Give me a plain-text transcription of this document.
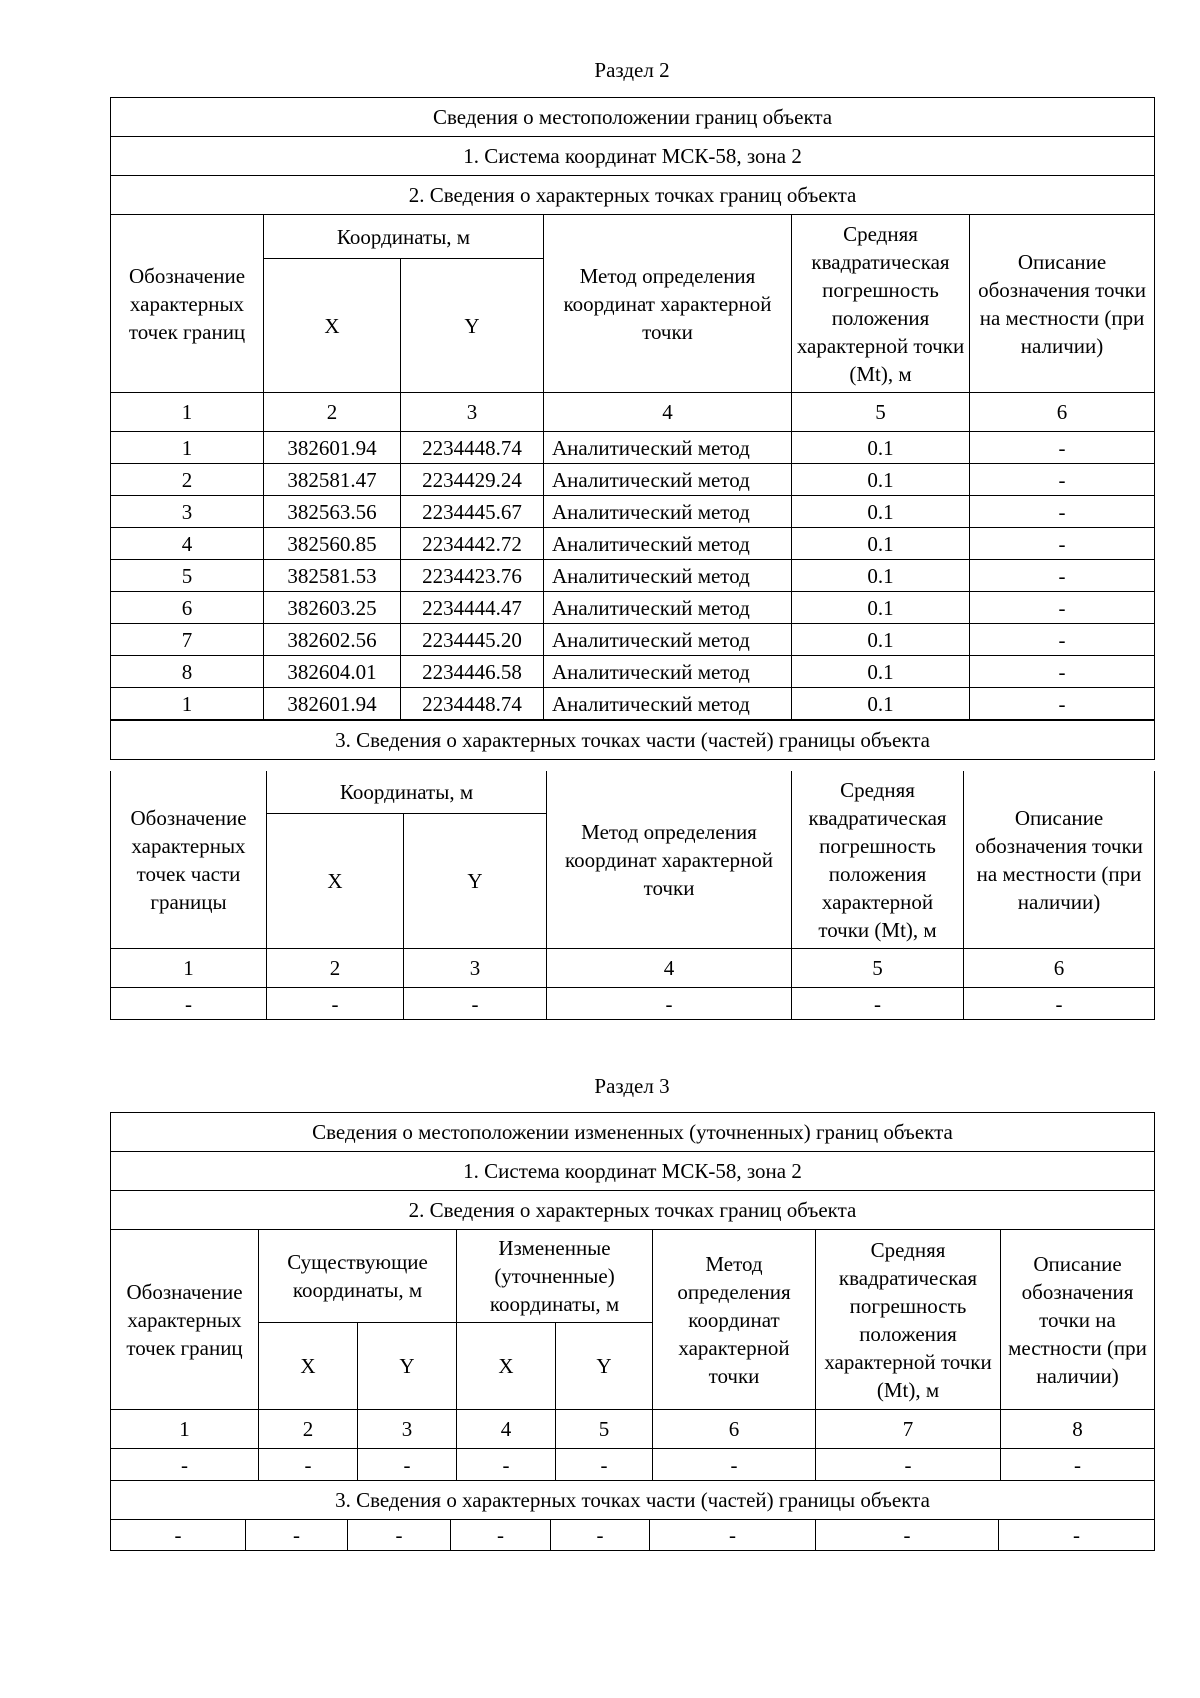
Раздел 2
Сведения о местоположении границ объекта					
1. Система координат МСК-58, зона 2					
2. Сведения о характерных точках границ объекта					
Обозначение характерных точек границ	Координаты, м		Метод определения координат характерной точки	Средняя квадратическая погрешность положения характерной точки (Mt), м	Описание обозначения точки на местности (при наличии)
	X	Y			
1	2	3	4	5	6
1	382601.94	2234448.74	Аналитический метод	0.1	-
2	382581.47	2234429.24	Аналитический метод	0.1	-
3	382563.56	2234445.67	Аналитический метод	0.1	-
4	382560.85	2234442.72	Аналитический метод	0.1	-
5	382581.53	2234423.76	Аналитический метод	0.1	-
6	382603.25	2234444.47	Аналитический метод	0.1	-
7	382602.56	2234445.20	Аналитический метод	0.1	-
8	382604.01	2234446.58	Аналитический метод	0.1	-
1	382601.94	2234448.74	Аналитический метод	0.1	-
3. Сведения о характерных точках части (частей) границы объекта					
Обозначение характерных точек части границы	Координаты, м		Метод определения координат характерной точки	Средняя квадратическая погрешность положения характерной точки (Mt), м	Описание обозначения точки на местности (при наличии)
	X	Y			
1	2	3	4	5	6
-	-	-	-	-	-
Раздел 3
Сведения о местоположении измененных (уточненных) границ объекта							
1. Система координат МСК-58, зона 2							
2. Сведения о характерных точках границ объекта							
Обозначение характерных точек границ	Существующие координаты, м		Измененные (уточненные) координаты, м		Метод определения координат характерной точки	Средняя квадратическая погрешность положения характерной точки (Mt), м	Описание обозначения точки на местности (при наличии)
	X	Y	X	Y			
1	2	3	4	5	6	7	8
-	-	-	-	-	-	-	-
3. Сведения о характерных точках части (частей) границы объекта							
-	-	-	-	-	-	-	-
